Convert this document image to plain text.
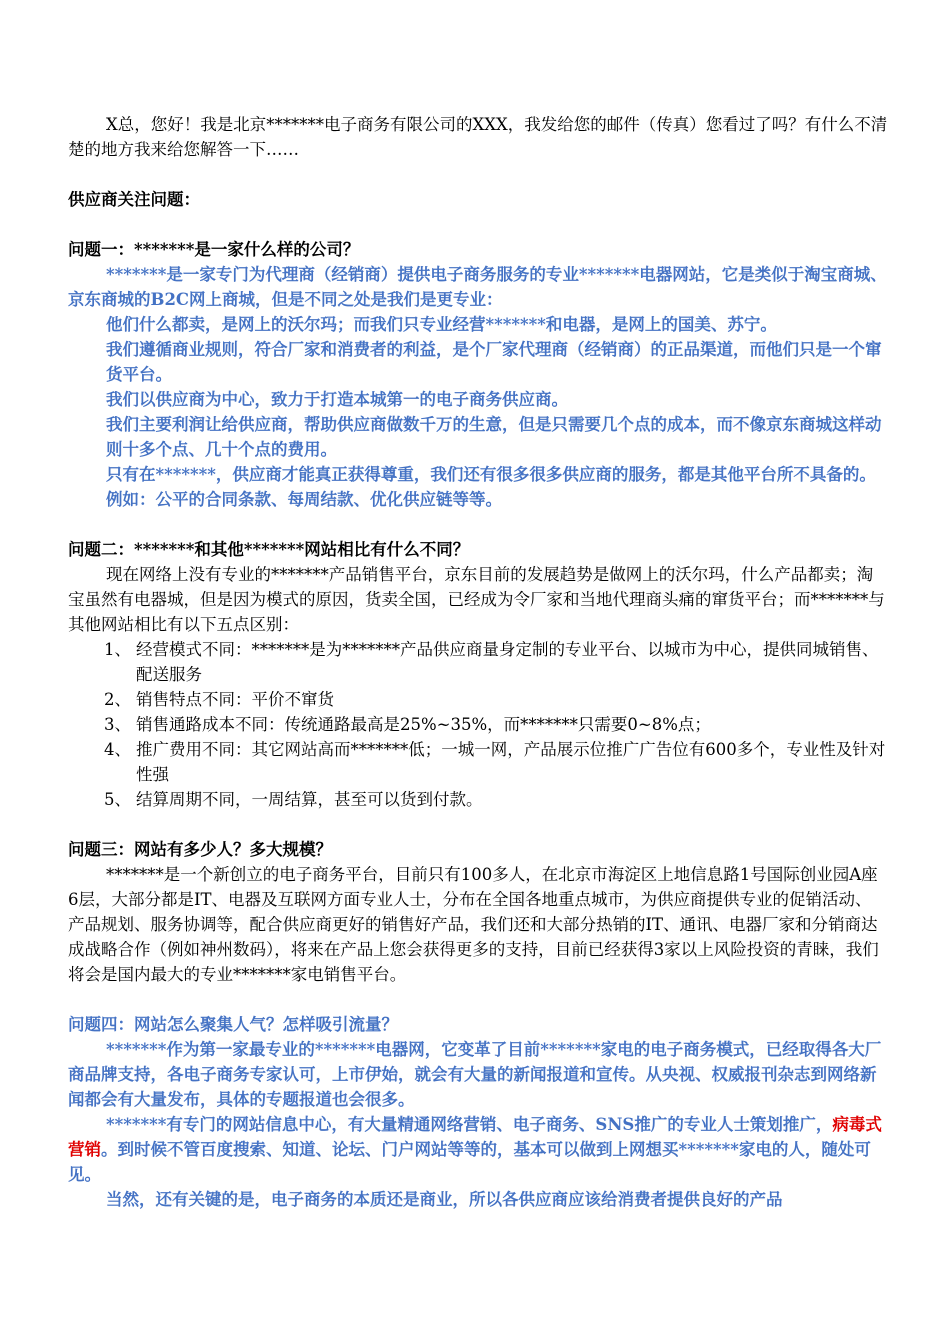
X总，您好！我是北京*******电子商务有限公司的XXX，我发给您的邮件（传真）您看过了吗？有什么不清楚的地方我来给您解答一下……

供应商关注问题：

问题一：*******是一家什么样的公司？

*******是一家专门为代理商（经销商）提供电子商务服务的专业*******电器网站，它是类似于淘宝商城、京东商城的B2C网上商城，但是不同之处是我们是更专业：

他们什么都卖，是网上的沃尔玛；而我们只专业经营*******和电器，是网上的国美、苏宁。

我们遵循商业规则，符合厂家和消费者的利益，是个厂家代理商（经销商）的正品渠道，而他们只是一个窜货平台。

我们以供应商为中心，致力于打造本城第一的电子商务供应商。

我们主要利润让给供应商，帮助供应商做数千万的生意，但是只需要几个点的成本，而不像京东商城这样动则十多个点、几十个点的费用。

只有在*******，供应商才能真正获得尊重，我们还有很多很多供应商的服务，都是其他平台所不具备的。

例如：公平的合同条款、每周结款、优化供应链等等。

问题二：*******和其他*******网站相比有什么不同？

现在网络上没有专业的*******产品销售平台，京东目前的发展趋势是做网上的沃尔玛，什么产品都卖；淘宝虽然有电器城，但是因为模式的原因，货卖全国，已经成为令厂家和当地代理商头痛的窜货平台；而*******与其他网站相比有以下五点区别：

1、 经营模式不同：*******是为*******产品供应商量身定制的专业平台、以城市为中心，提供同城销售、配送服务
2、 销售特点不同：平价不窜货
3、 销售通路成本不同：传统通路最高是25%~35%，而*******只需要0~8%点；
4、 推广费用不同：其它网站高而*******低；一城一网，产品展示位推广广告位有600多个，专业性及针对性强
5、 结算周期不同，一周结算，甚至可以货到付款。

问题三：网站有多少人？多大规模？

*******是一个新创立的电子商务平台，目前只有100多人，在北京市海淀区上地信息路1号国际创业园A座6层，大部分都是IT、电器及互联网方面专业人士，分布在全国各地重点城市，为供应商提供专业的促销活动、产品规划、服务协调等，配合供应商更好的销售好产品，我们还和大部分热销的IT、通讯、电器厂家和分销商达成战略合作（例如神州数码），将来在产品上您会获得更多的支持，目前已经获得3家以上风险投资的青睐，我们将会是国内最大的专业*******家电销售平台。

问题四：网站怎么聚集人气？怎样吸引流量？

*******作为第一家最专业的*******电器网，它变革了目前*******家电的电子商务模式，已经取得各大厂商品牌支持，各电子商务专家认可，上市伊始，就会有大量的新闻报道和宣传。从央视、权威报刊杂志到网络新闻都会有大量发布，具体的专题报道也会很多。

*******有专门的网站信息中心，有大量精通网络营销、电子商务、SNS推广的专业人士策划推广，病毒式营销。到时候不管百度搜索、知道、论坛、门户网站等等的，基本可以做到上网想买*******家电的人，随处可见。

当然，还有关键的是，电子商务的本质还是商业，所以各供应商应该给消费者提供良好的产品
